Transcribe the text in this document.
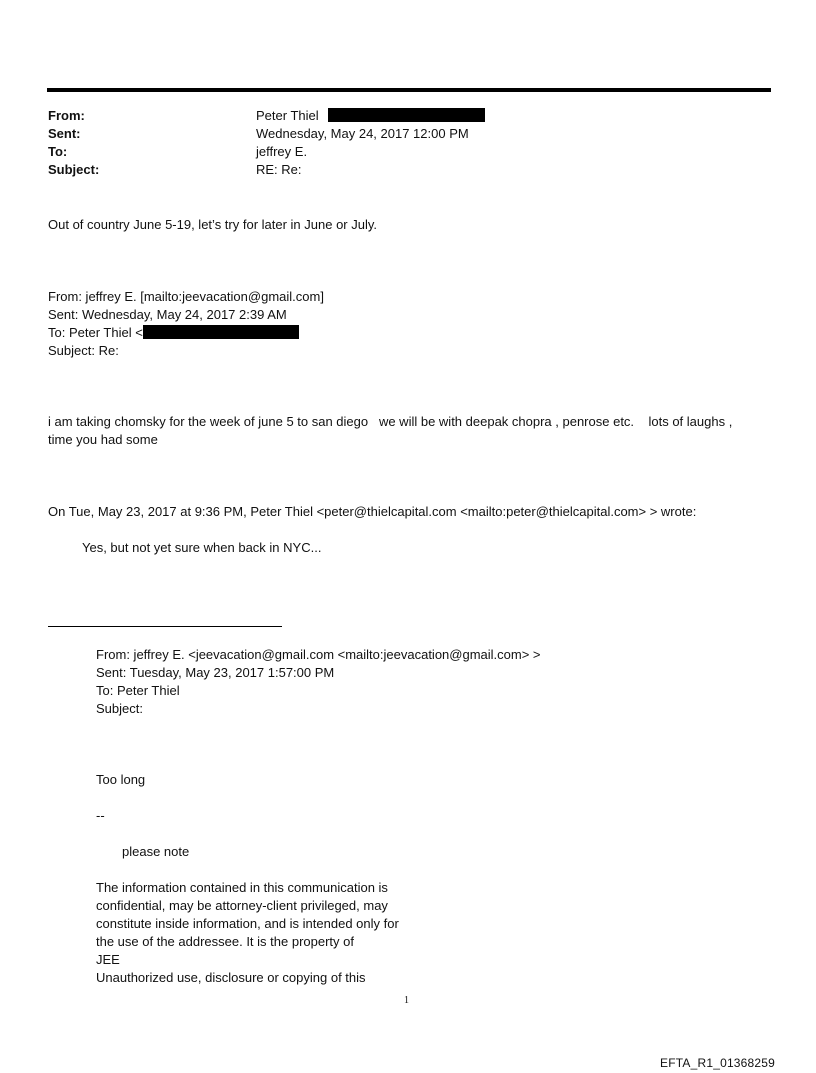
From:
Sent:
To:
Subject:
Peter Thiel
Wednesday, May 24, 2017 12:00 PM
jeffrey E.
RE: Re:
Out of country June 5-19, let’s try for later in June or July.
From: jeffrey E. [mailto:jeevacation@gmail.com]
Sent: Wednesday, May 24, 2017 2:39 AM
To: Peter Thiel <
Subject: Re:
i am taking chomsky for the week of june 5 to san diego   we will be with deepak chopra , penrose etc.    lots of laughs ,
time you had some
On Tue, May 23, 2017 at 9:36 PM, Peter Thiel <peter@thielcapital.com <mailto:peter@thielcapital.com> > wrote:
Yes, but not yet sure when back in NYC...
From: jeffrey E. <jeevacation@gmail.com <mailto:jeevacation@gmail.com> >
Sent: Tuesday, May 23, 2017 1:57:00 PM
To: Peter Thiel
Subject:
Too long
--
please note
The information contained in this communication is
confidential, may be attorney-client privileged, may
constitute inside information, and is intended only for
the use of the addressee. It is the property of
JEE
Unauthorized use, disclosure or copying of this
1
EFTA_R1_01368259
